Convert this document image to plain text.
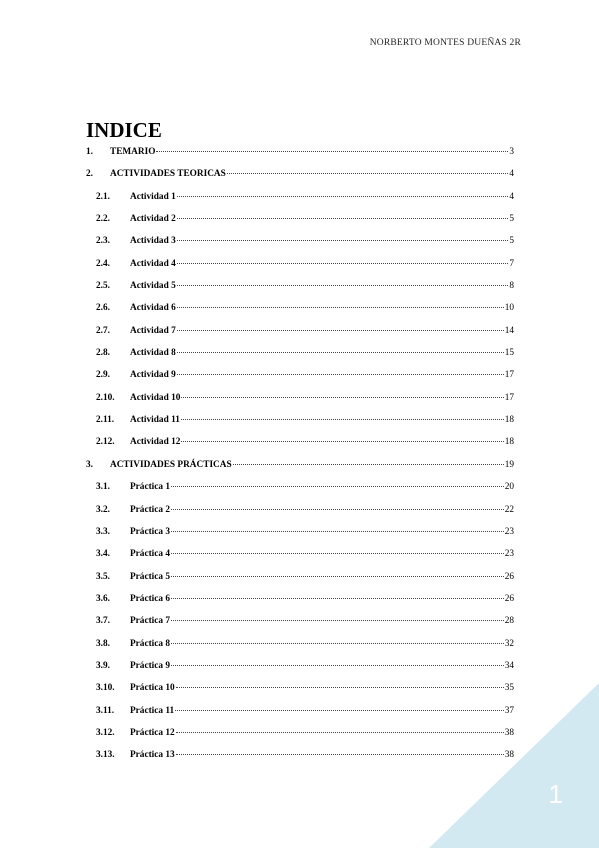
NORBERTO MONTES DUEÑAS 2R
INDICE
1.	TEMARIO	3
2.	ACTIVIDADES TEORICAS	4
2.1.	Actividad 1	4
2.2.	Actividad 2	5
2.3.	Actividad 3	5
2.4.	Actividad 4	7
2.5.	Actividad 5	8
2.6.	Actividad 6	10
2.7.	Actividad 7	14
2.8.	Actividad 8	15
2.9.	Actividad 9	17
2.10.	Actividad 10	17
2.11.	Actividad 11	18
2.12.	Actividad 12	18
3.	ACTIVIDADES PRÁCTICAS	19
3.1.	Práctica 1	20
3.2.	Práctica 2	22
3.3.	Práctica 3	23
3.4.	Práctica 4	23
3.5.	Práctica 5	26
3.6.	Práctica 6	26
3.7.	Práctica 7	28
3.8.	Práctica 8	32
3.9.	Práctica 9	34
3.10.	Práctica 10	35
3.11.	Práctica 11	37
3.12.	Práctica 12	38
3.13.	Práctica 13	38
1
